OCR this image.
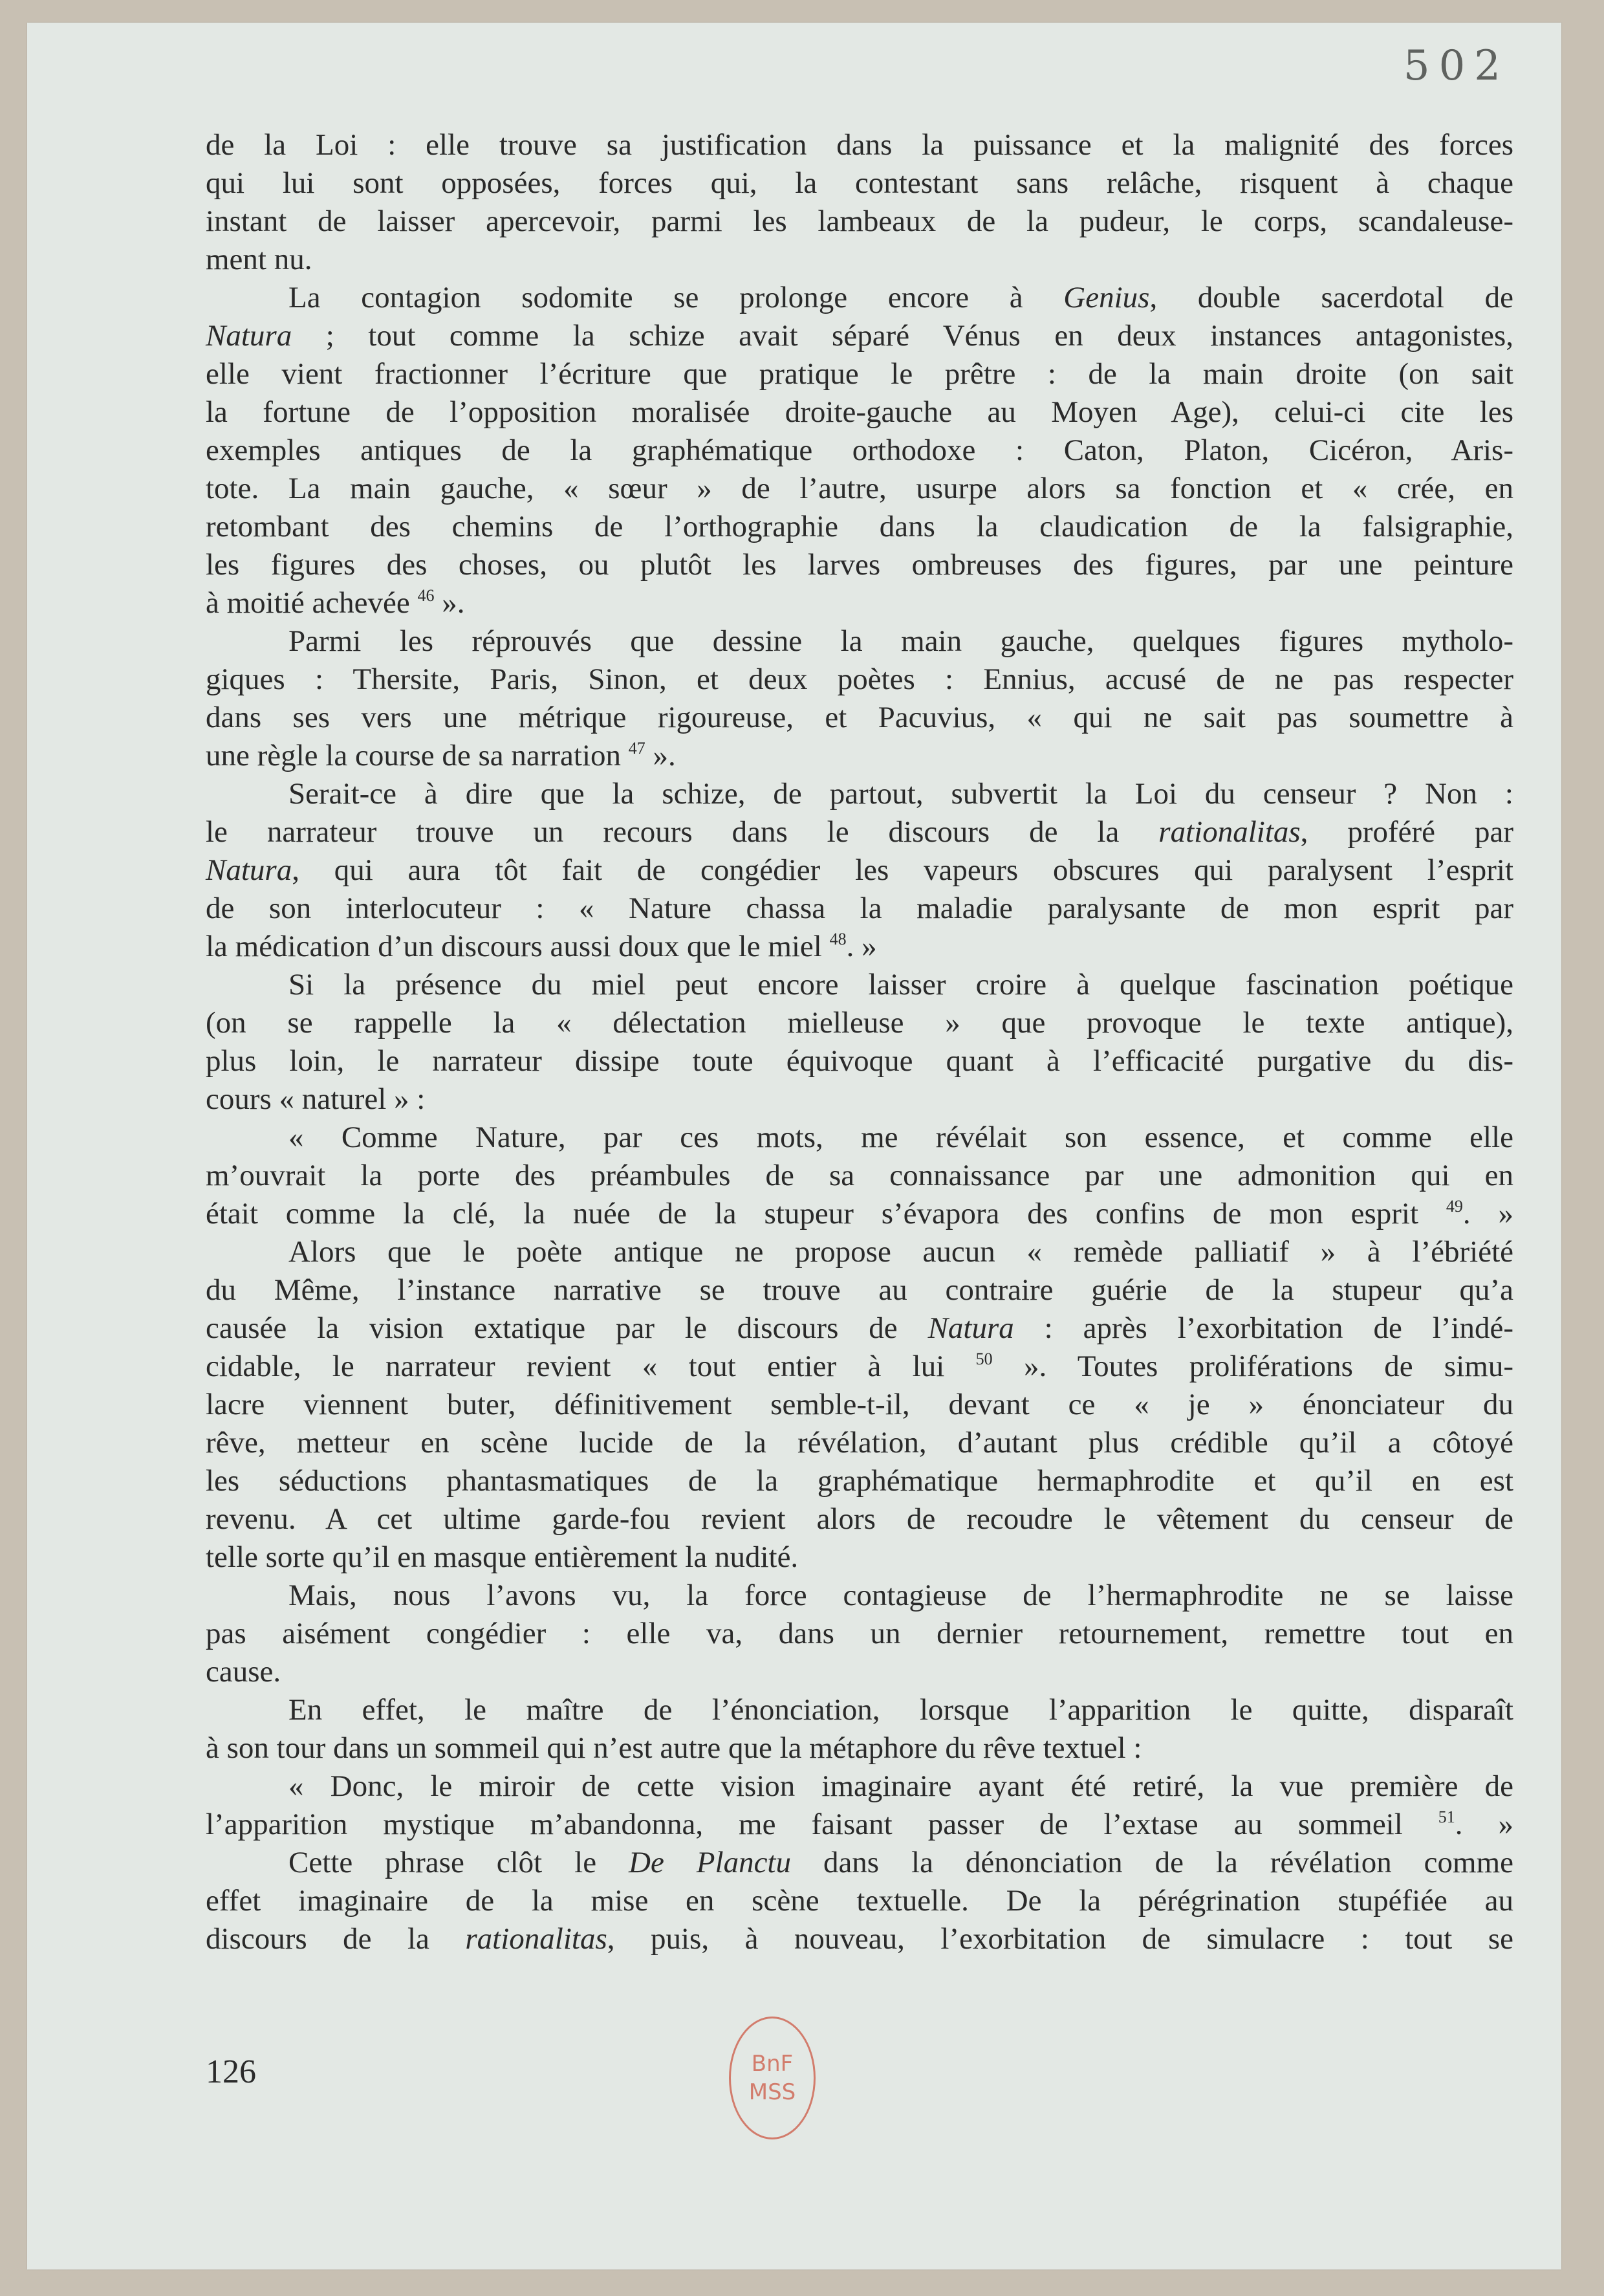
502
de la Loi : elle trouve sa justification dans la puissance et la malignité des forces
qui lui sont opposées, forces qui, la contestant sans relâche, risquent à chaque
instant de laisser apercevoir, parmi les lambeaux de la pudeur, le corps, scandaleuse-
ment nu.
La contagion sodomite se prolonge encore à Genius, double sacerdotal de
Natura ; tout comme la schize avait séparé Vénus en deux instances antagonistes,
elle vient fractionner l’écriture que pratique le prêtre : de la main droite (on sait
la fortune de l’opposition moralisée droite-gauche au Moyen Age), celui-ci cite les
exemples antiques de la graphématique orthodoxe : Caton, Platon, Cicéron, Aris-
tote. La main gauche, « sœur » de l’autre, usurpe alors sa fonction et « crée, en
retombant des chemins de l’orthographie dans la claudication de la falsigraphie,
les figures des choses, ou plutôt les larves ombreuses des figures, par une peinture
à moitié achevée $^{46}$ ».
Parmi les réprouvés que dessine la main gauche, quelques figures mytholo-
giques : Thersite, Paris, Sinon, et deux poètes : Ennius, accusé de ne pas respecter
dans ses vers une métrique rigoureuse, et Pacuvius, « qui ne sait pas soumettre à
une règle la course de sa narration $^{47}$ ».
Serait-ce à dire que la schize, de partout, subvertit la Loi du censeur ? Non :
le narrateur trouve un recours dans le discours de la rationalitas, proféré par
Natura, qui aura tôt fait de congédier les vapeurs obscures qui paralysent l’esprit
de son interlocuteur : « Nature chassa la maladie paralysante de mon esprit par
la médication d’un discours aussi doux que le miel $^{48}$. »
Si la présence du miel peut encore laisser croire à quelque fascination poétique
(on se rappelle la « délectation mielleuse » que provoque le texte antique),
plus loin, le narrateur dissipe toute équivoque quant à l’efficacité purgative du dis-
cours « naturel » :
« Comme Nature, par ces mots, me révélait son essence, et comme elle
m’ouvrait la porte des préambules de sa connaissance par une admonition qui en
était comme la clé, la nuée de la stupeur s’évapora des confins de mon esprit $^{49}$. »
Alors que le poète antique ne propose aucun « remède palliatif » à l’ébriété
du Même, l’instance narrative se trouve au contraire guérie de la stupeur qu’a
causée la vision extatique par le discours de Natura : après l’exorbitation de l’indé-
cidable, le narrateur revient « tout entier à lui $^{50}$ ». Toutes proliférations de simu-
lacre viennent buter, définitivement semble-t-il, devant ce « je » énonciateur du
rêve, metteur en scène lucide de la révélation, d’autant plus crédible qu’il a côtoyé
les séductions phantasmatiques de la graphématique hermaphrodite et qu’il en est
revenu. A cet ultime garde-fou revient alors de recoudre le vêtement du censeur de
telle sorte qu’il en masque entièrement la nudité.
Mais, nous l’avons vu, la force contagieuse de l’hermaphrodite ne se laisse
pas aisément congédier : elle va, dans un dernier retournement, remettre tout en
cause.
En effet, le maître de l’énonciation, lorsque l’apparition le quitte, disparaît
à son tour dans un sommeil qui n’est autre que la métaphore du rêve textuel :
« Donc, le miroir de cette vision imaginaire ayant été retiré, la vue première de
l’apparition mystique m’abandonna, me faisant passer de l’extase au sommeil $^{51}$. »
Cette phrase clôt le De Planctu dans la dénonciation de la révélation comme
effet imaginaire de la mise en scène textuelle. De la pérégrination stupéfiée au
discours de la rationalitas, puis, à nouveau, l’exorbitation de simulacre : tout se
126	BnF
MSS
